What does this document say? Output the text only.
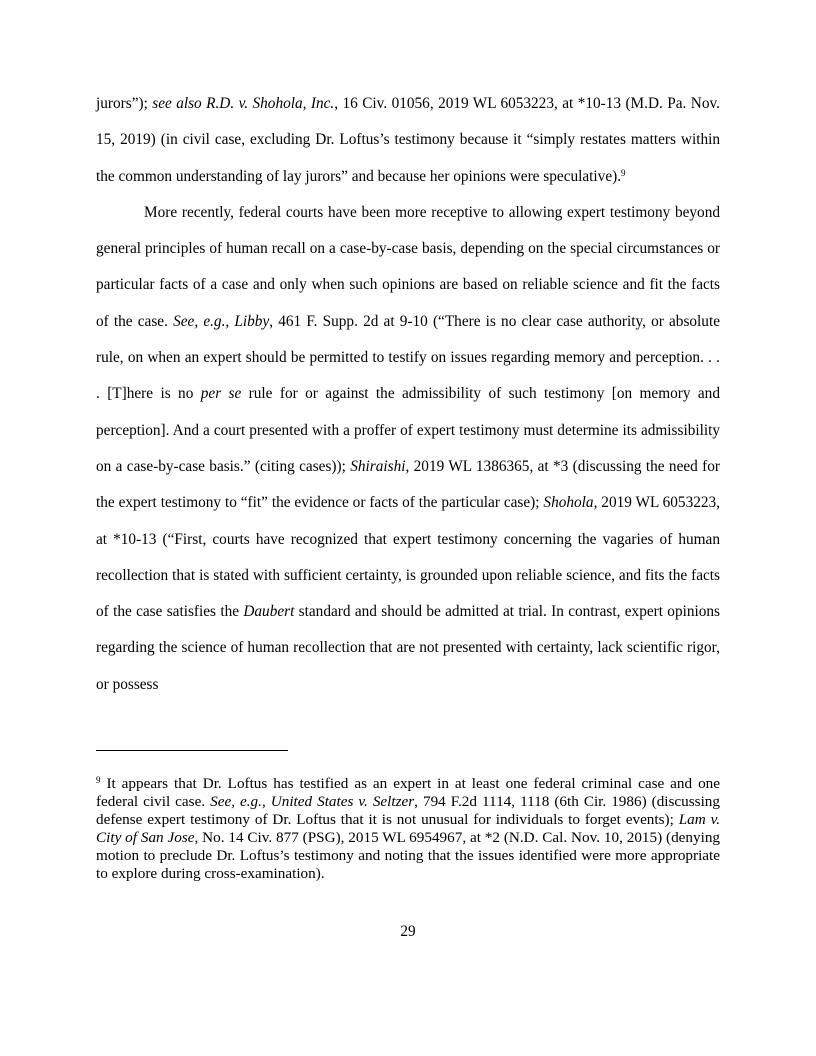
jurors”); see also R.D. v. Shohola, Inc., 16 Civ. 01056, 2019 WL 6053223, at *10-13 (M.D. Pa. Nov. 15, 2019) (in civil case, excluding Dr. Loftus’s testimony because it “simply restates matters within the common understanding of lay jurors” and because her opinions were speculative).$^9$

More recently, federal courts have been more receptive to allowing expert testimony beyond general principles of human recall on a case-by-case basis, depending on the special circumstances or particular facts of a case and only when such opinions are based on reliable science and fit the facts of the case. See, e.g., Libby, 461 F. Supp. 2d at 9-10 (“There is no clear case authority, or absolute rule, on when an expert should be permitted to testify on issues regarding memory and perception. . . . [T]here is no per se rule for or against the admissibility of such testimony [on memory and perception]. And a court presented with a proffer of expert testimony must determine its admissibility on a case-by-case basis.” (citing cases)); Shiraishi, 2019 WL 1386365, at *3 (discussing the need for the expert testimony to “fit” the evidence or facts of the particular case); Shohola, 2019 WL 6053223, at *10-13 (“First, courts have recognized that expert testimony concerning the vagaries of human recollection that is stated with sufficient certainty, is grounded upon reliable science, and fits the facts of the case satisfies the Daubert standard and should be admitted at trial. In contrast, expert opinions regarding the science of human recollection that are not presented with certainty, lack scientific rigor, or possess

$^9$ It appears that Dr. Loftus has testified as an expert in at least one federal criminal case and one federal civil case. See, e.g., United States v. Seltzer, 794 F.2d 1114, 1118 (6th Cir. 1986) (discussing defense expert testimony of Dr. Loftus that it is not unusual for individuals to forget events); Lam v. City of San Jose, No. 14 Civ. 877 (PSG), 2015 WL 6954967, at *2 (N.D. Cal. Nov. 10, 2015) (denying motion to preclude Dr. Loftus’s testimony and noting that the issues identified were more appropriate to explore during cross-examination).

29
